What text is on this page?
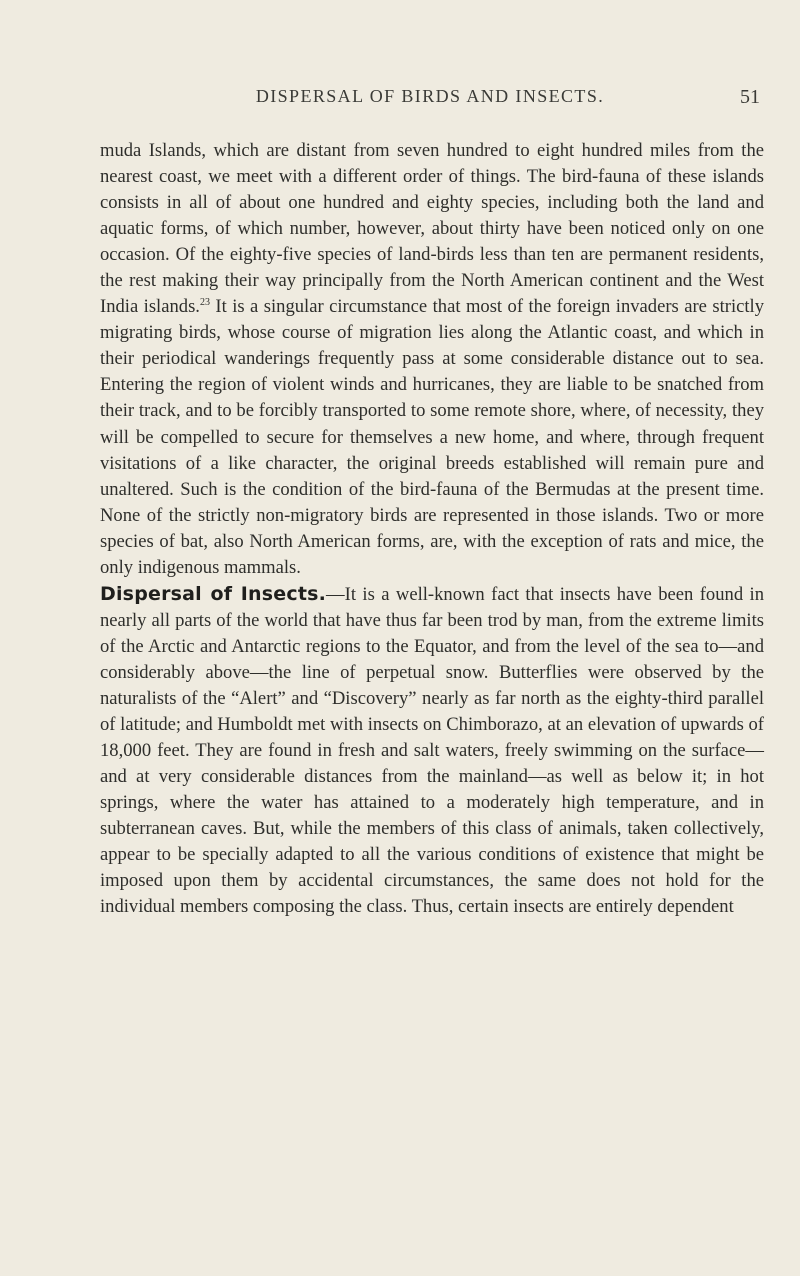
DISPERSAL OF BIRDS AND INSECTS.	51

muda Islands, which are distant from seven hundred to eight hundred miles from the nearest coast, we meet with a different order of things. The bird-fauna of these islands consists in all of about one hundred and eighty species, including both the land and aquatic forms, of which number, however, about thirty have been noticed only on one occasion. Of the eighty-five species of land-birds less than ten are permanent residents, the rest making their way principally from the North American continent and the West India islands.$^{23}$ It is a singular circumstance that most of the foreign invaders are strictly migrating birds, whose course of migration lies along the Atlantic coast, and which in their periodical wanderings frequently pass at some considerable distance out to sea. Entering the region of violent winds and hurricanes, they are liable to be snatched from their track, and to be forcibly transported to some remote shore, where, of necessity, they will be compelled to secure for themselves a new home, and where, through frequent visitations of a like character, the original breeds established will remain pure and unaltered. Such is the condition of the bird-fauna of the Bermudas at the present time. None of the strictly non-migratory birds are represented in those islands. Two or more species of bat, also North American forms, are, with the exception of rats and mice, the only indigenous mammals.

Dispersal of Insects.—It is a well-known fact that insects have been found in nearly all parts of the world that have thus far been trod by man, from the extreme limits of the Arctic and Antarctic regions to the Equator, and from the level of the sea to—and considerably above—the line of perpetual snow. Butterflies were observed by the naturalists of the “Alert” and “Discovery” nearly as far north as the eighty-third parallel of latitude; and Humboldt met with insects on Chimborazo, at an elevation of upwards of 18,000 feet. They are found in fresh and salt waters, freely swimming on the surface—and at very considerable distances from the mainland—as well as below it; in hot springs, where the water has attained to a moderately high temperature, and in subterranean caves. But, while the members of this class of animals, taken collectively, appear to be specially adapted to all the various conditions of existence that might be imposed upon them by accidental circumstances, the same does not hold for the individual members composing the class. Thus, certain insects are entirely dependent
